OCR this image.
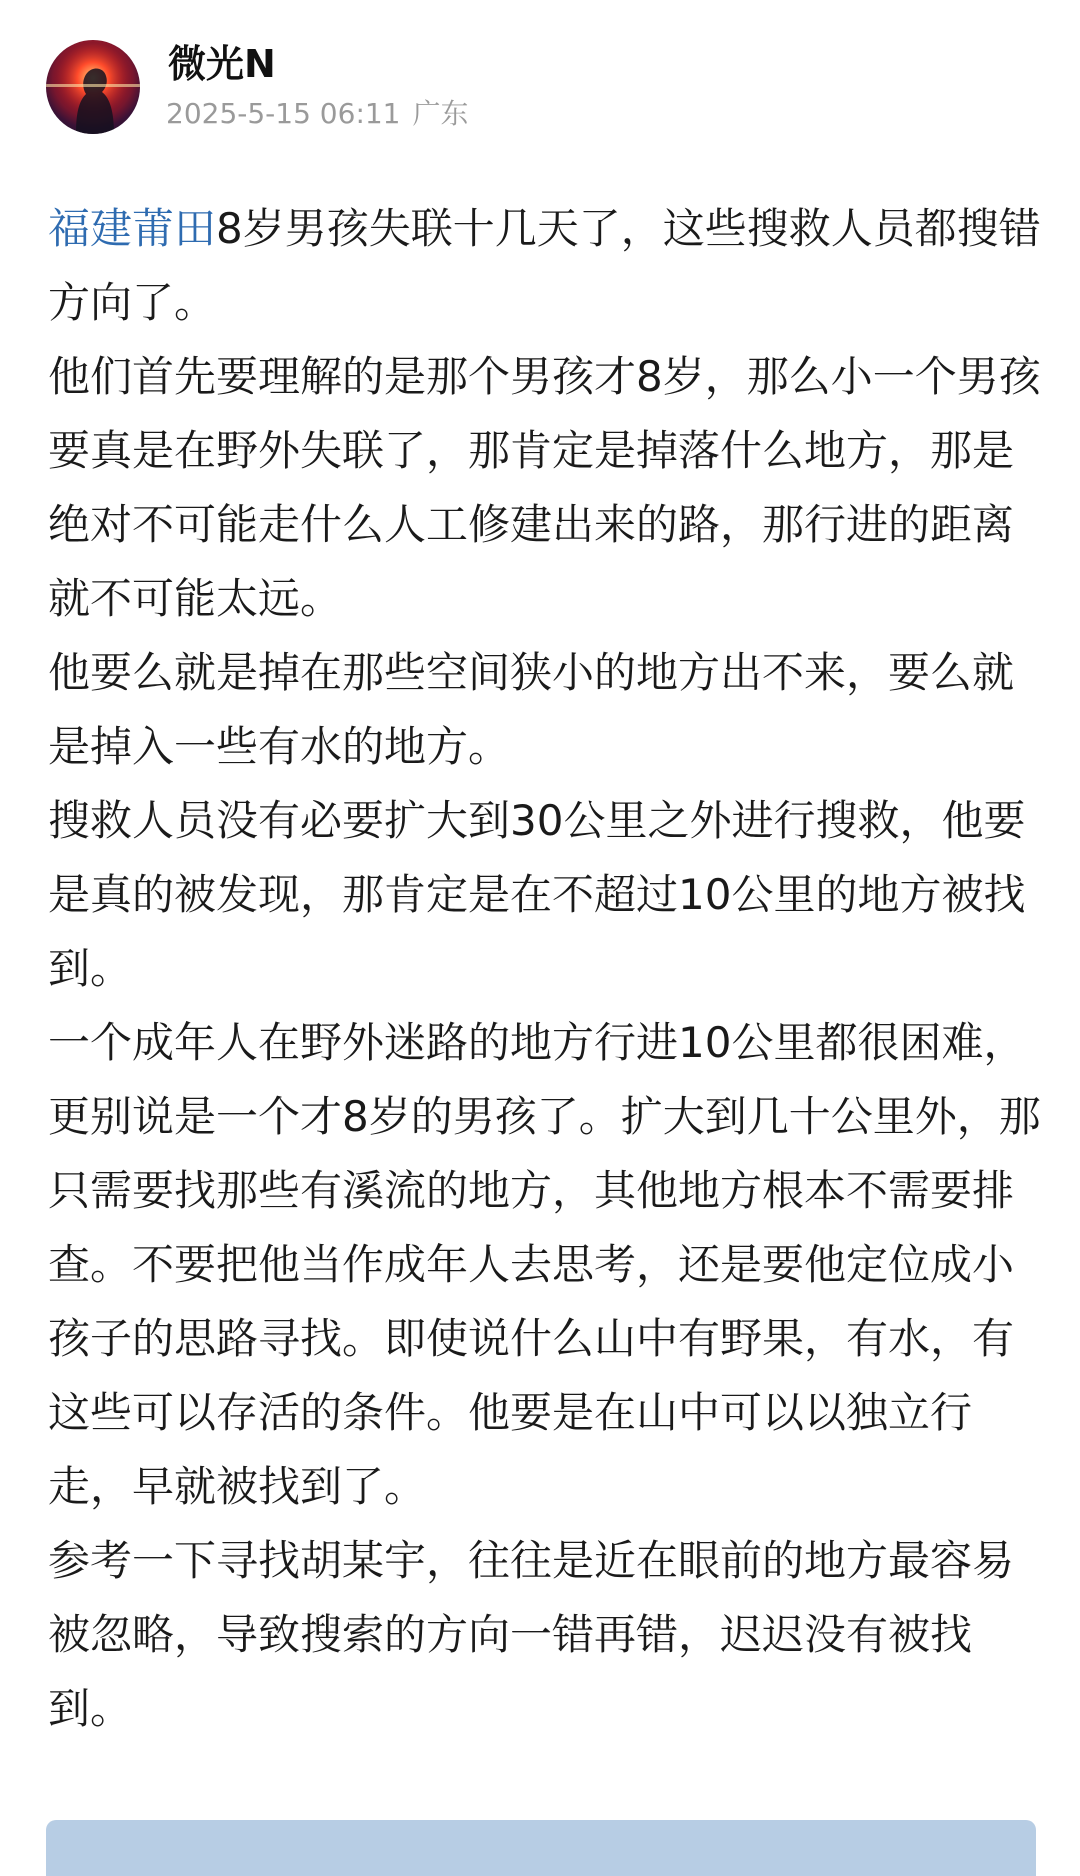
微光N
2025-5-15 06:11 广东

福建莆田8岁男孩失联十几天了，这些搜救人员都搜错方向了。

他们首先要理解的是那个男孩才8岁，那么小一个男孩要真是在野外失联了，那肯定是掉落什么地方，那是绝对不可能走什么人工修建出来的路，那行进的距离就不可能太远。

他要么就是掉在那些空间狭小的地方出不来，要么就是掉入一些有水的地方。

搜救人员没有必要扩大到30公里之外进行搜救，他要是真的被发现，那肯定是在不超过10公里的地方被找到。

一个成年人在野外迷路的地方行进10公里都很困难，更别说是一个才8岁的男孩了。扩大到几十公里外，那只需要找那些有溪流的地方，其他地方根本不需要排查。不要把他当作成年人去思考，还是要他定位成小孩子的思路寻找。即使说什么山中有野果，有水，有这些可以存活的条件。他要是在山中可以以独立行走，早就被找到了。

参考一下寻找胡某宇，往往是近在眼前的地方最容易被忽略，导致搜索的方向一错再错，迟迟没有被找到。
